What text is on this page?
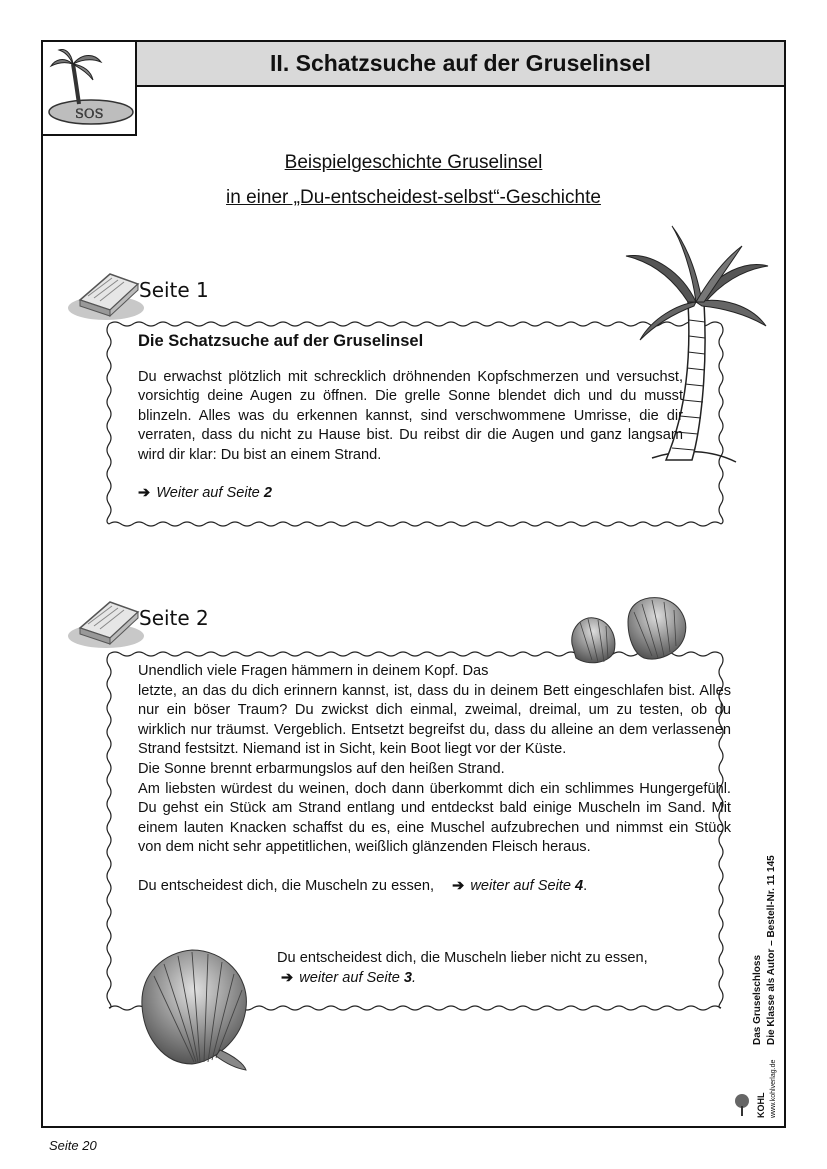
II. Schatzsuche auf der Gruselinsel
SOS
Beispielgeschichte Gruselinsel
in einer „Du-entscheidest-selbst“-Geschichte
Seite 1

Die Schatzsuche auf der Gruselinsel

Du erwachst plötzlich mit schrecklich dröhnenden Kopfschmerzen und versuchst, vorsichtig deine Augen zu öffnen. Die grelle Sonne blendet dich und du musst blinzeln. Alles was du erkennen kannst, sind verschwommene Umrisse, die dir verraten, dass du nicht zu Hause bist. Du reibst dir die Augen und ganz langsam wird dir klar: Du bist an einem Strand.

➔ Weiter auf Seite 2

Seite 2

Unendlich viele Fragen hämmern in deinem Kopf. Das

letzte, an das du dich erinnern kannst, ist, dass du in deinem Bett eingeschlafen bist. Alles nur ein böser Traum? Du zwickst dich einmal, zweimal, dreimal, um zu testen, ob du wirklich nur träumst. Vergeblich. Entsetzt begreifst du, dass du alleine an dem verlassenen Strand festsitzt. Niemand ist in Sicht, kein Boot liegt vor der Küste.

Die Sonne brennt erbarmungslos auf den heißen Strand.

Am liebsten würdest du weinen, doch dann überkommt dich ein schlimmes Hungergefühl. Du gehst ein Stück am Strand entlang und entdeckst bald einige Muscheln im Sand. Mit einem lauten Knacken schaffst du es, eine Muschel aufzubrechen und nimmst ein Stück von dem nicht sehr appetitlichen, weißlich glänzenden Fleisch heraus.

Du entscheidest dich, die Muscheln zu essen, ➔ weiter auf Seite 4.

Du entscheidest dich, die Muscheln lieber nicht zu essen,

➔ weiter auf Seite 3.	Das Gruselschloss Die Klasse als Autor – Bestell-Nr. 11 145
KOHL www.kohlverlag.de
Seite 20
